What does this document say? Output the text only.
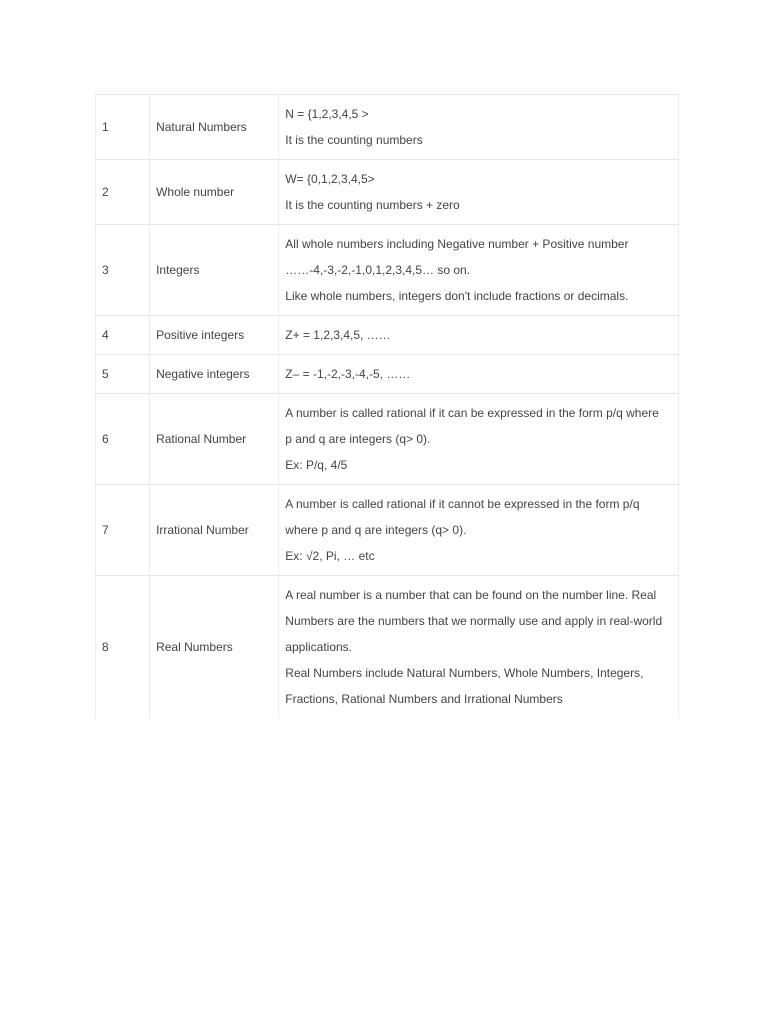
1	Natural Numbers	N = {1,2,3,4,5 >
It is the counting numbers

2	Whole number	W= {0,1,2,3,4,5>
It is the counting numbers + zero

3	Integers	All whole numbers including Negative number + Positive number
……-4,-3,-2,-1,0,1,2,3,4,5… so on.
Like whole numbers, integers don't include fractions or decimals.

4	Positive integers	Z+ = 1,2,3,4,5, ……

5	Negative integers	Z– = -1,-2,-3,-4,-5, ……

6	Rational Number	A number is called rational if it can be expressed in the form p/q where
p and q are integers (q> 0).
Ex: P/q, 4/5

7	Irrational Number	A number is called rational if it cannot be expressed in the form p/q
where p and q are integers (q> 0).
Ex: √2, Pi, … etc

8	Real Numbers	A real number is a number that can be found on the number line. Real
Numbers are the numbers that we normally use and apply in real-world
applications.
Real Numbers include Natural Numbers, Whole Numbers, Integers,
Fractions, Rational Numbers and Irrational Numbers
